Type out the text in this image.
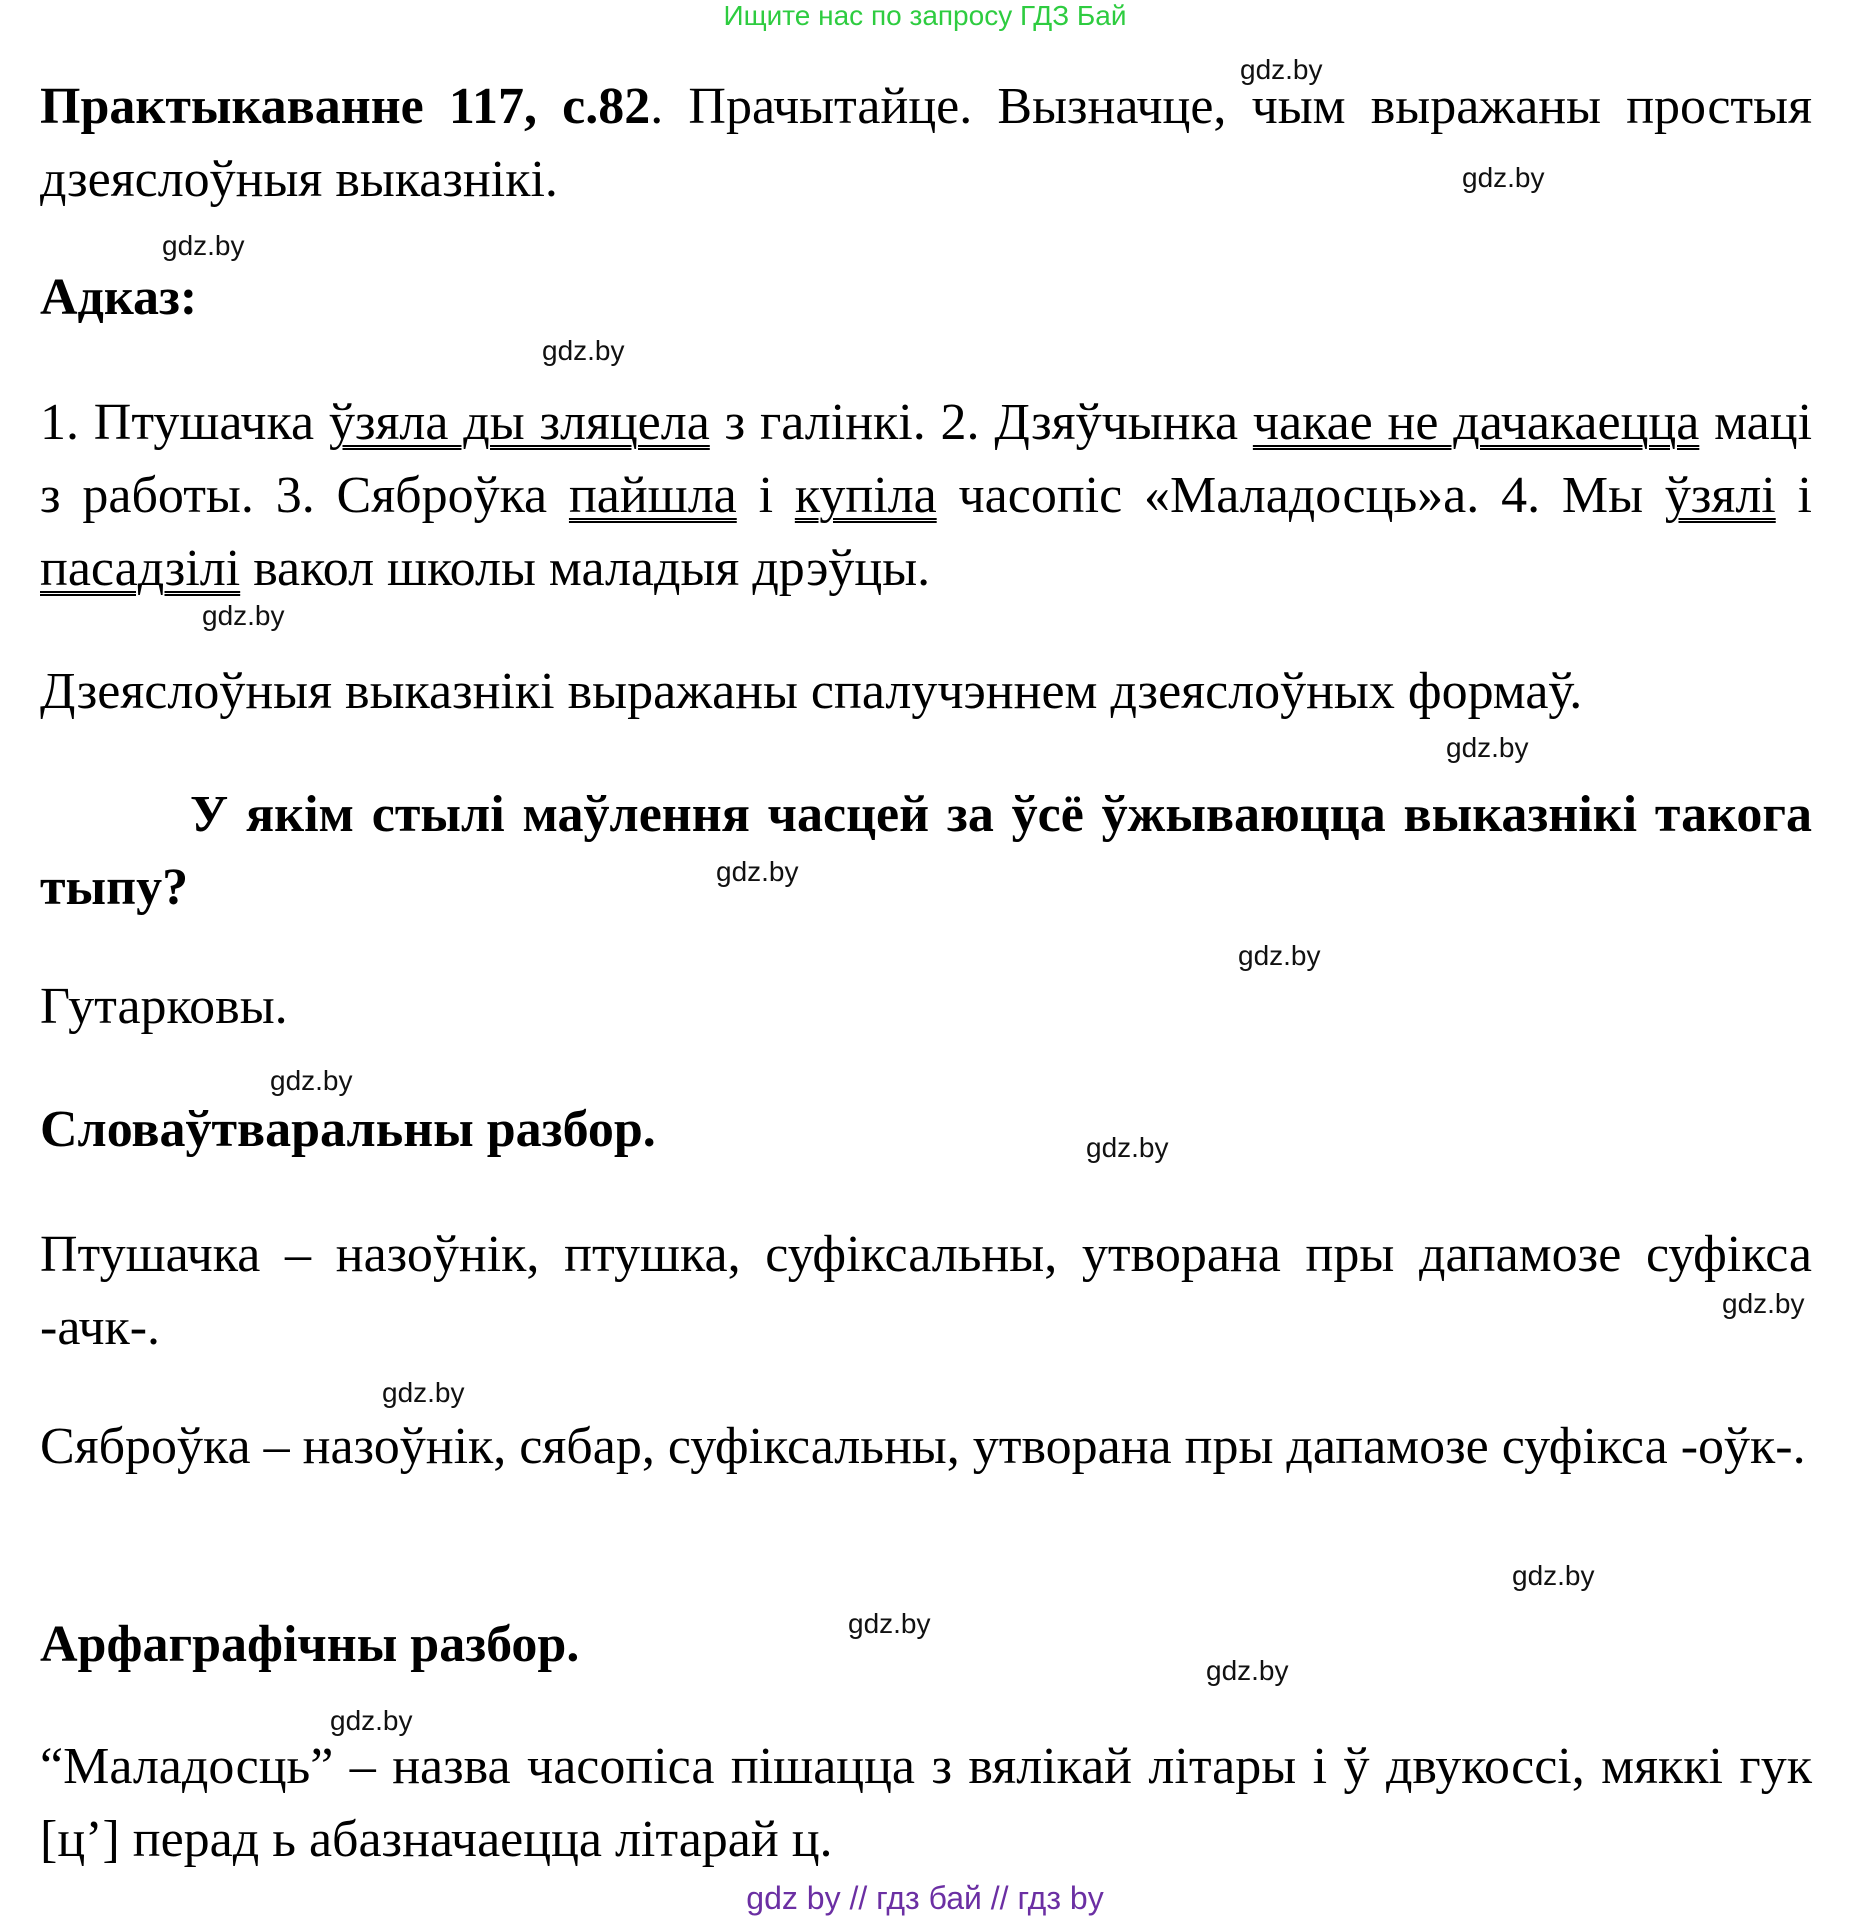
Ищите нас по запросу ГДЗ Бай
gdz.by
gdz.by
gdz.by
gdz.by
gdz.by
gdz.by
gdz.by
gdz.by
gdz.by
gdz.by
gdz.by
gdz.by
gdz.by
gdz.by
gdz.by
gdz.by
Практыкаванне 117, с.82. Прачытайце. Вызначце, чым выражаны простыя дзеяслоўныя выказнікі.
Адказ:
1. Птушачка ўзяла ды зляцела з галінкі. 2. Дзяўчынка чакае не дачакаецца маці з работы. 3. Сяброўка пайшла і купіла часопіс «Маладосць»а. 4. Мы ўзялі і пасадзілі вакол школы маладыя дрэўцы.
Дзеяслоўныя выказнікі выражаны спалучэннем дзеяслоўных формаў.
У якім стылі маўлення часцей за ўсё ўжываюцца выказнікі такога тыпу?
Гутарковы.
Словаўтваральны разбор.
Птушачка – назоўнік, птушка, суфіксальны, утворана пры дапамозе суфікса -ачк-.
Сяброўка – назоўнік, сябар, суфіксальны, утворана пры дапамозе суфікса -оўк-.
Арфаграфічны разбор.
“Маладосць” – назва часопіса пішацца з вялікай літары і ў двукоссі, мяккі гук [ц’] перад ь абазначаецца літарай ц.
gdz by // гдз бай // гдз by
